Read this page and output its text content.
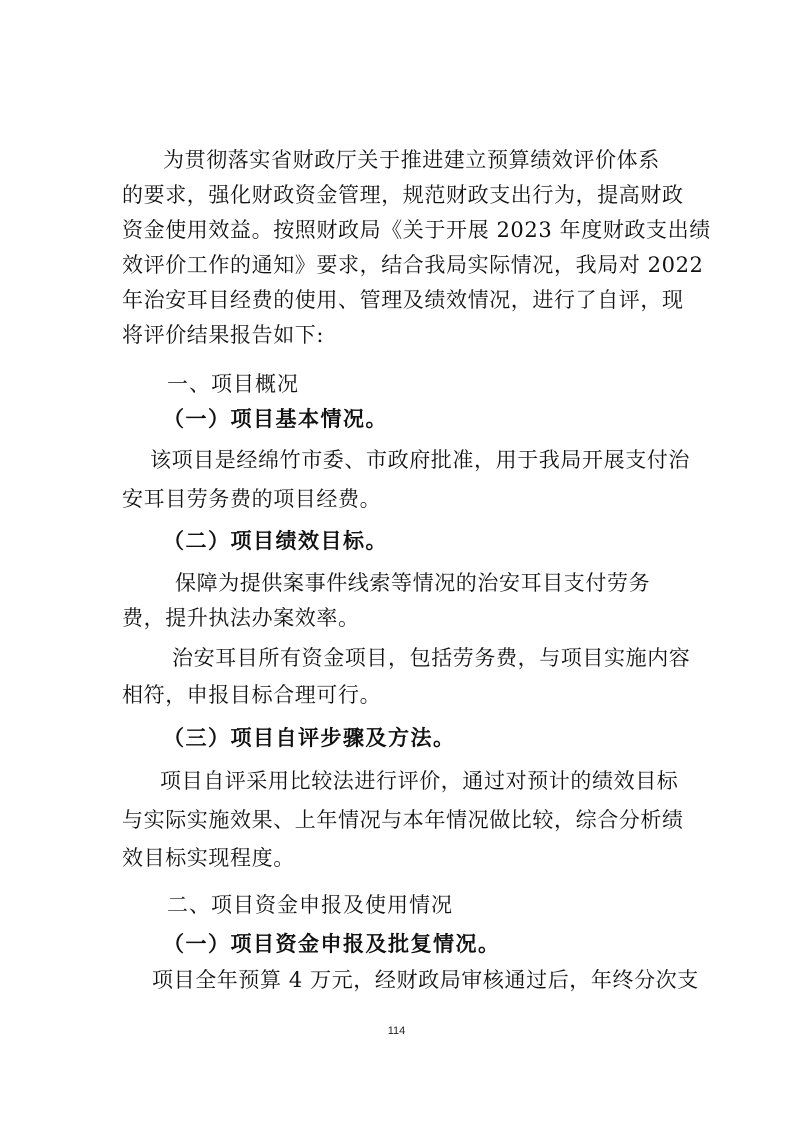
为贯彻落实省财政厅关于推进建立预算绩效评价体系
的要求，强化财政资金管理，规范财政支出行为，提高财政
资金使用效益。按照财政局《关于开展 2023 年度财政支出绩
效评价工作的通知》要求，结合我局实际情况，我局对 2022
年治安耳目经费的使用、管理及绩效情况，进行了自评，现
将评价结果报告如下:
一、项目概况
（一）项目基本情况。
该项目是经绵竹市委、市政府批准，用于我局开展支付治
安耳目劳务费的项目经费。
（二）项目绩效目标。
保障为提供案事件线索等情况的治安耳目支付劳务
费，提升执法办案效率。
治安耳目所有资金项目，包括劳务费，与项目实施内容
相符，申报目标合理可行。
（三）项目自评步骤及方法。
项目自评采用比较法进行评价，通过对预计的绩效目标
与实际实施效果、上年情况与本年情况做比较，综合分析绩
效目标实现程度。
二、项目资金申报及使用情况
（一）项目资金申报及批复情况。
项目全年预算 4 万元，经财政局审核通过后，年终分次支
114
